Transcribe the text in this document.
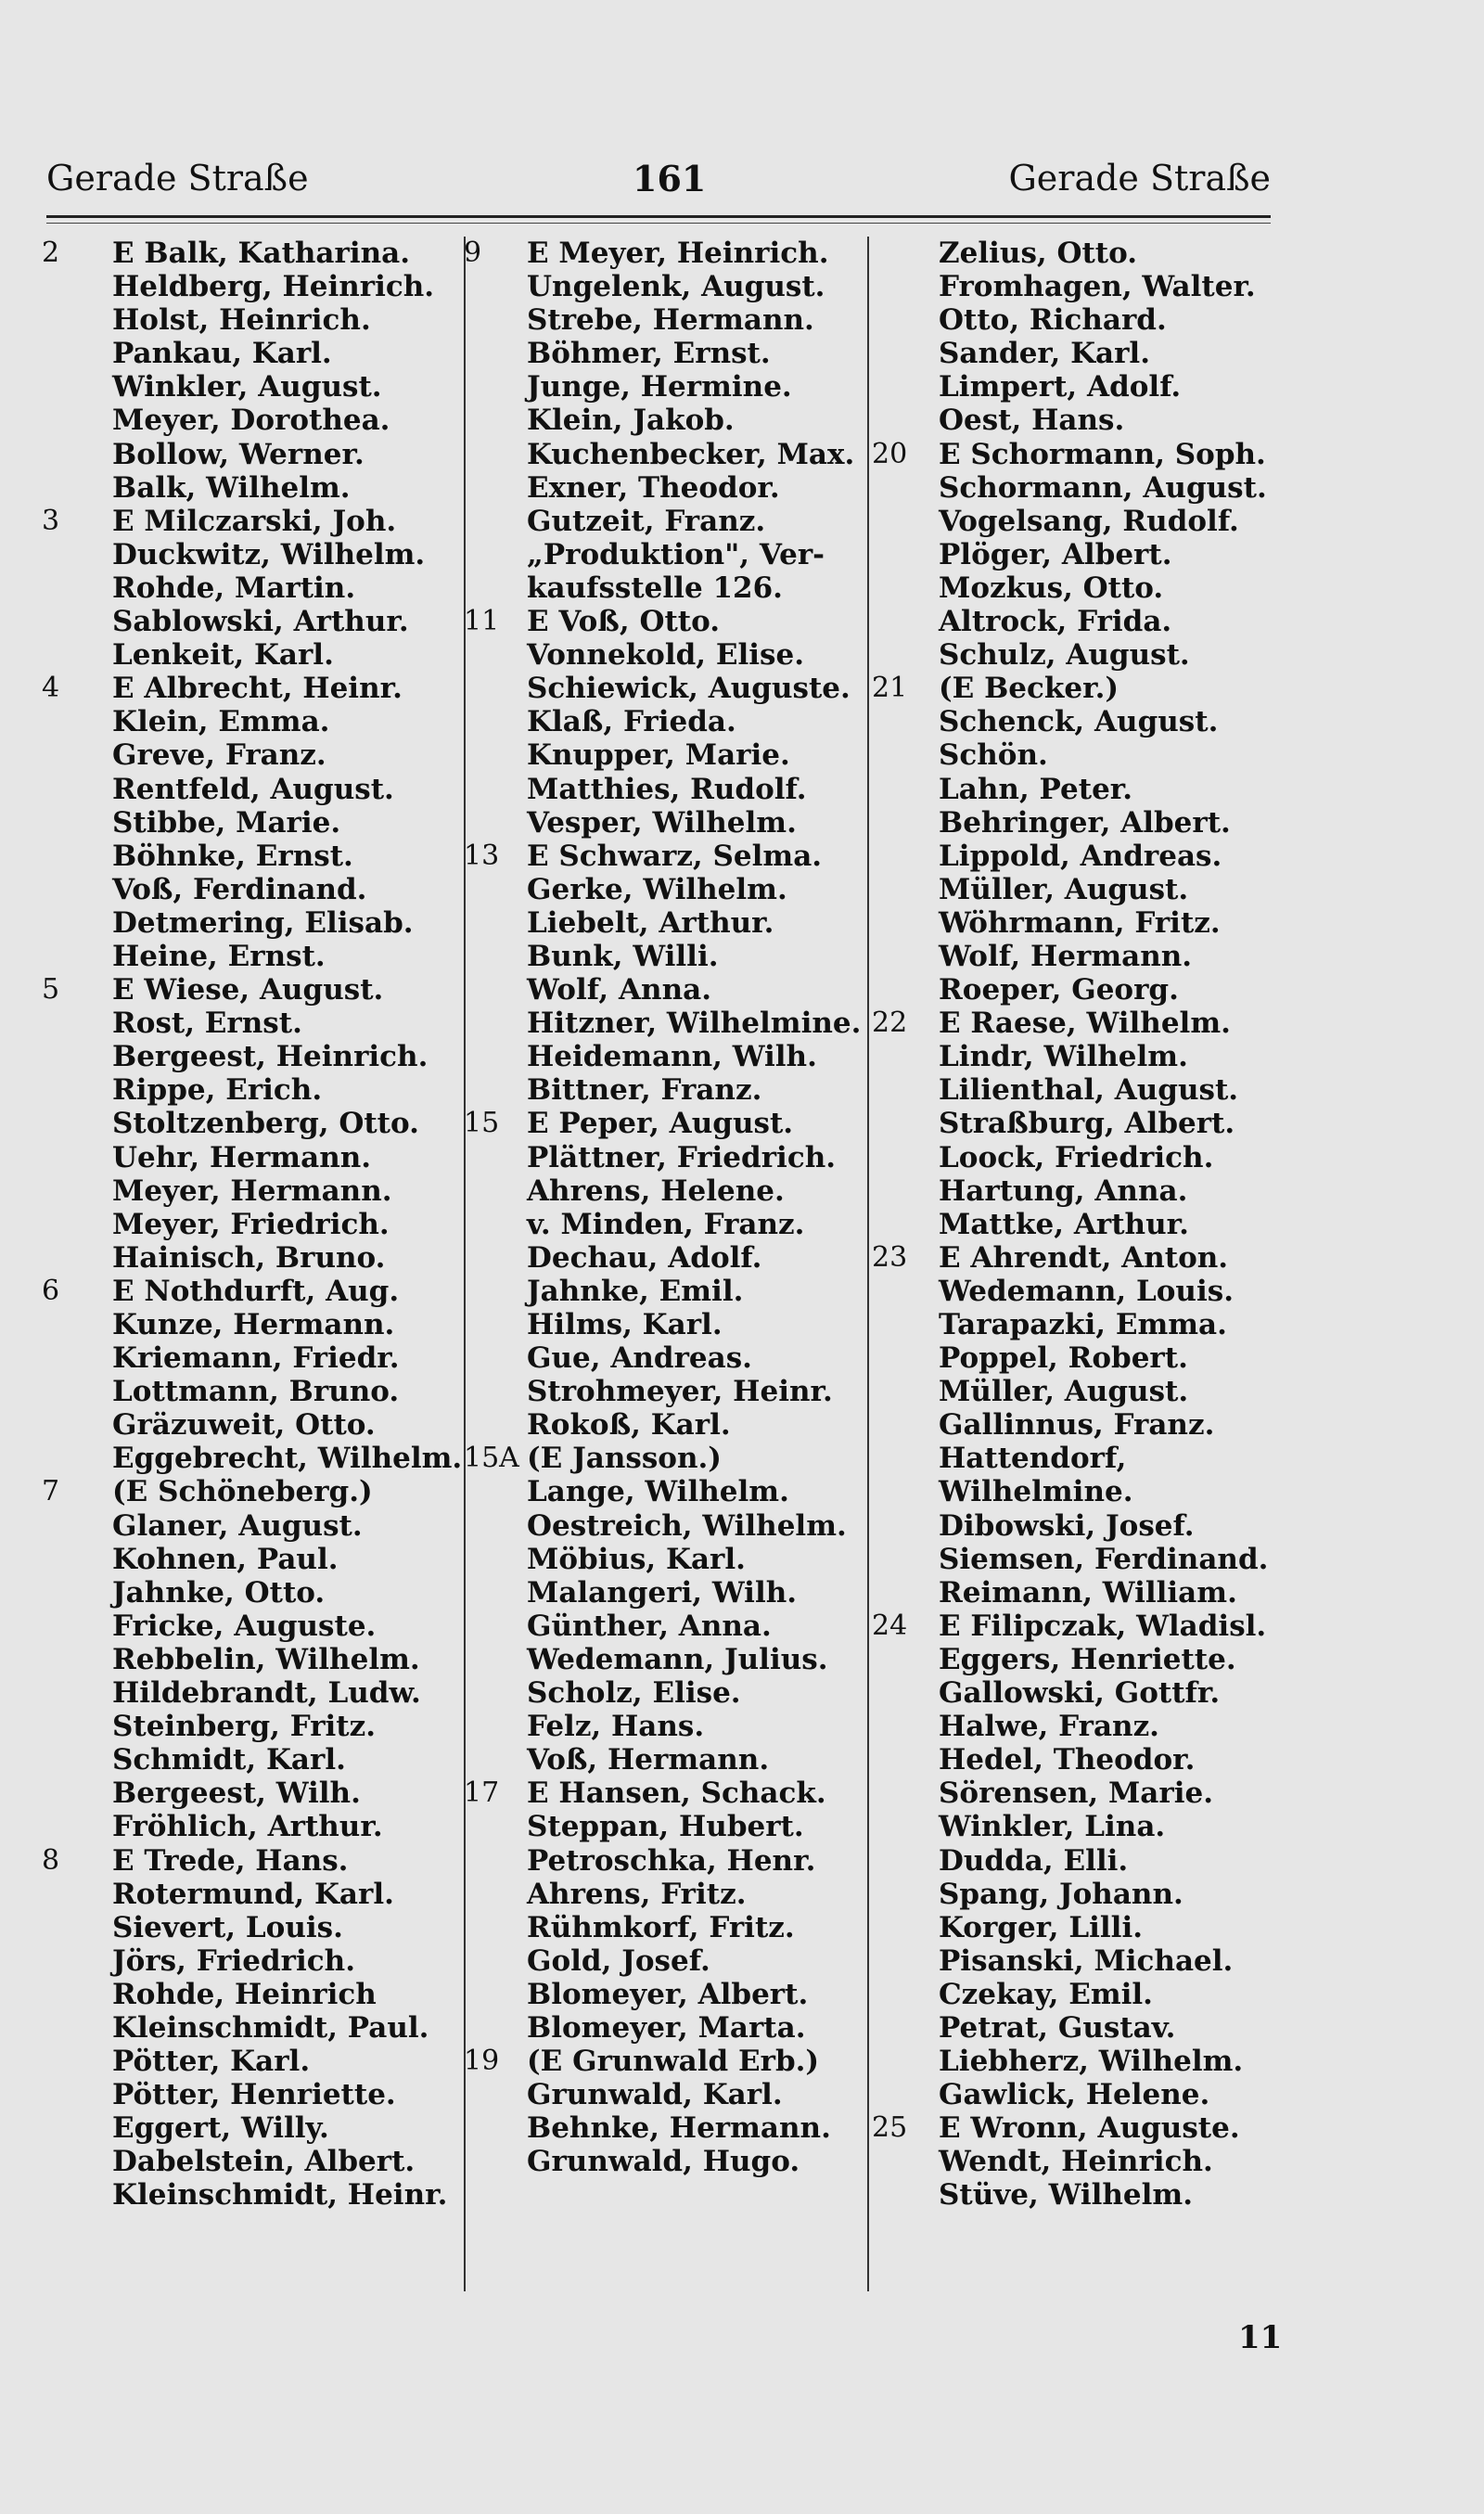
Gerade Straße	161	Gerade Straße
2	E Balk, Katharina.
Heldberg, Heinrich.
Holst, Heinrich.
Pankau, Karl.
Winkler, August.
Meyer, Dorothea.
Bollow, Werner.
Balk, Wilhelm.
3	E Milczarski, Joh.
Duckwitz, Wilhelm.
Rohde, Martin.
Sablowski, Arthur.
Lenkeit, Karl.
4	E Albrecht, Heinr.
Klein, Emma.
Greve, Franz.
Rentfeld, August.
Stibbe, Marie.
Böhnke, Ernst.
Voß, Ferdinand.
Detmering, Elisab.
Heine, Ernst.
5	E Wiese, August.
Rost, Ernst.
Bergeest, Heinrich.
Rippe, Erich.
Stoltzenberg, Otto.
Uehr, Hermann.
Meyer, Hermann.
Meyer, Friedrich.
Hainisch, Bruno.
6	E Nothdurft, Aug.
Kunze, Hermann.
Kriemann, Friedr.
Lottmann, Bruno.
Gräzuweit, Otto.
Eggebrecht, Wilhelm.
7	(E Schöneberg.)
Glaner, August.
Kohnen, Paul.
Jahnke, Otto.
Fricke, Auguste.
Rebbelin, Wilhelm.
Hildebrandt, Ludw.
Steinberg, Fritz.
Schmidt, Karl.
Bergeest, Wilh.
Fröhlich, Arthur.
8	E Trede, Hans.
Rotermund, Karl.
Sievert, Louis.
Jörs, Friedrich.
Rohde, Heinrich
Kleinschmidt, Paul.
Pötter, Karl.
Pötter, Henriette.
Eggert, Willy.
Dabelstein, Albert.
Kleinschmidt, Heinr.
9	E Meyer, Heinrich.
Ungelenk, August.
Strebe, Hermann.
Böhmer, Ernst.
Junge, Hermine.
Klein, Jakob.
Kuchenbecker, Max.
Exner, Theodor.
Gutzeit, Franz.
„Produktion", Ver-
kaufsstelle 126.
11 E Voß, Otto.
Vonnekold, Elise.
Schiewick, Auguste.
Klaß, Frieda.
Knupper, Marie.
Matthies, Rudolf.
Vesper, Wilhelm.
13 E Schwarz, Selma.
Gerke, Wilhelm.
Liebelt, Arthur.
Bunk, Willi.
Wolf, Anna.
Hitzner, Wilhelmine.
Heidemann, Wilh.
Bittner, Franz.
15 E Peper, August.
Plättner, Friedrich.
Ahrens, Helene.
v. Minden, Franz.
Dechau, Adolf.
Jahnke, Emil.
Hilms, Karl.
Gue, Andreas.
Strohmeyer, Heinr.
Rokoß, Karl.
15A (E Jansson.)
Lange, Wilhelm.
Oestreich, Wilhelm.
Möbius, Karl.
Malangeri, Wilh.
Günther, Anna.
Wedemann, Julius.
Scholz, Elise.
Felz, Hans.
Voß, Hermann.
17 E Hansen, Schack.
Steppan, Hubert.
Petroschka, Henr.
Ahrens, Fritz.
Rühmkorf, Fritz.
Gold, Josef.
Blomeyer, Albert.
Blomeyer, Marta.
19 (E Grunwald Erb.)
Grunwald, Karl.
Behnke, Hermann.
Grunwald, Hugo.
Zelius, Otto.
Fromhagen, Walter.
Otto, Richard.
Sander, Karl.
Limpert, Adolf.
Oest, Hans.
20	E Schormann, Soph.
Schormann, August.
Vogelsang, Rudolf.
Plöger, Albert.
Mozkus, Otto.
Altrock, Frida.
Schulz, August.
21	(E Becker.)
Schenck, August.
Schön.
Lahn, Peter.
Behringer, Albert.
Lippold, Andreas.
Müller, August.
Wöhrmann, Fritz.
Wolf, Hermann.
Roeper, Georg.
22	E Raese, Wilhelm.
Lindr, Wilhelm.
Lilienthal, August.
Straßburg, Albert.
Loock, Friedrich.
Hartung, Anna.
Mattke, Arthur.
23	E Ahrendt, Anton.
Wedemann, Louis.
Tarapazki, Emma.
Poppel, Robert.
Müller, August.
Gallinnus, Franz.
Hattendorf,
Wilhelmine.
Dibowski, Josef.
Siemsen, Ferdinand.
Reimann, William.
24	E Filipczak, Wladisl.
Eggers, Henriette.
Gallowski, Gottfr.
Halwe, Franz.
Hedel, Theodor.
Sörensen, Marie.
Winkler, Lina.
Dudda, Elli.
Spang, Johann.
Korger, Lilli.
Pisanski, Michael.
Czekay, Emil.
Petrat, Gustav.
Liebherz, Wilhelm.
Gawlick, Helene.
25	E Wronn, Auguste.
Wendt, Heinrich.
Stüve, Wilhelm.
11
